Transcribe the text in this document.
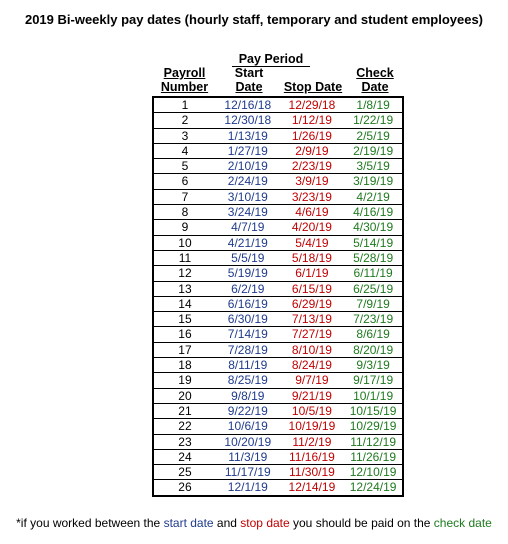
2019 Bi-weekly pay dates (hourly staff, temporary and student employees)
Pay Period
Payroll
Number
Start
Date	Stop Date
Check
Date
1	12/16/18	12/29/18	1/8/19
2	12/30/18	1/12/19	1/22/19
3	1/13/19	1/26/19	2/5/19
4	1/27/19	2/9/19	2/19/19
5	2/10/19	2/23/19	3/5/19
6	2/24/19	3/9/19	3/19/19
7	3/10/19	3/23/19	4/2/19
8	3/24/19	4/6/19	4/16/19
9	4/7/19	4/20/19	4/30/19
10	4/21/19	5/4/19	5/14/19
11	5/5/19	5/18/19	5/28/19
12	5/19/19	6/1/19	6/11/19
13	6/2/19	6/15/19	6/25/19
14	6/16/19	6/29/19	7/9/19
15	6/30/19	7/13/19	7/23/19
16	7/14/19	7/27/19	8/6/19
17	7/28/19	8/10/19	8/20/19
18	8/11/19	8/24/19	9/3/19
19	8/25/19	9/7/19	9/17/19
20	9/8/19	9/21/19	10/1/19
21	9/22/19	10/5/19	10/15/19
22	10/6/19	10/19/19	10/29/19
23	10/20/19	11/2/19	11/12/19
24	11/3/19	11/16/19	11/26/19
25	11/17/19	11/30/19	12/10/19
26	12/1/19	12/14/19	12/24/19
*if you worked between the start date and stop date you should be paid on the check date
